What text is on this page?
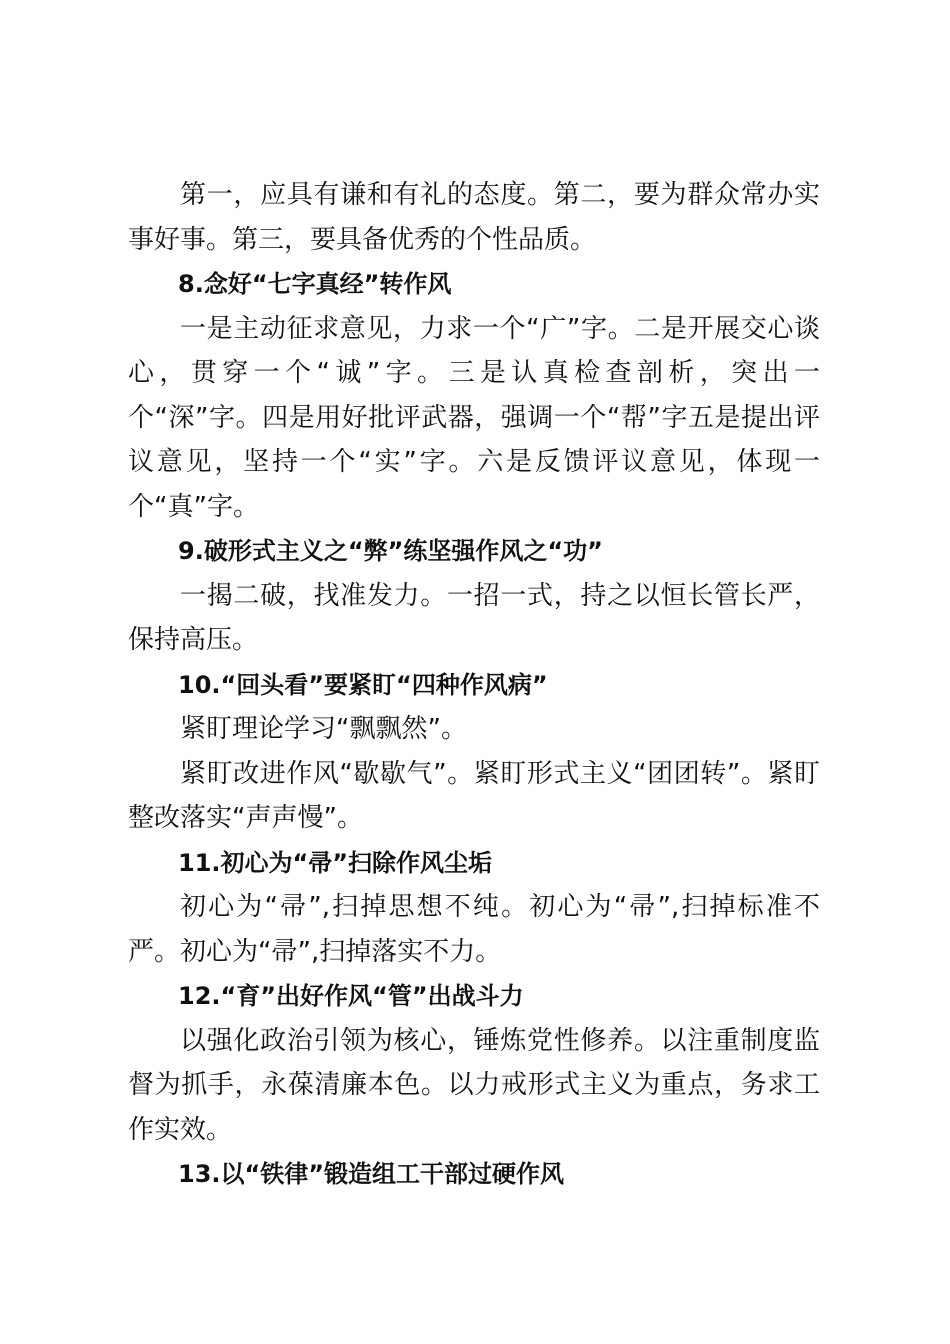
第一，应具有谦和有礼的态度。第二，要为群众常办实事好事。第三，要具备优秀的个性品质。

8.念好“七字真经”转作风

一是主动征求意见，力求一个“广”字。二是开展交心谈心，贯穿一个“诚”字。三是认真检查剖析，突出一个“深”字。四是用好批评武器，强调一个“帮”字五是提出评议意见，坚持一个“实”字。六是反馈评议意见，体现一个“真”字。

9.破形式主义之“弊”练坚强作风之“功”

一揭二破，找准发力。一招一式，持之以恒长管长严，保持高压。

10.“回头看”要紧盯“四种作风病”

紧盯理论学习“飘飘然”。

紧盯改进作风“歇歇气”。紧盯形式主义“团团转”。紧盯整改落实“声声慢”。

11.初心为“帚”扫除作风尘垢

初心为“帚”,扫掉思想不纯。初心为“帚”,扫掉标准不严。初心为“帚”,扫掉落实不力。

12.“育”出好作风“管”出战斗力

以强化政治引领为核心，锤炼党性修养。以注重制度监督为抓手，永葆清廉本色。以力戒形式主义为重点，务求工作实效。

13.以“铁律”锻造组工干部过硬作风
